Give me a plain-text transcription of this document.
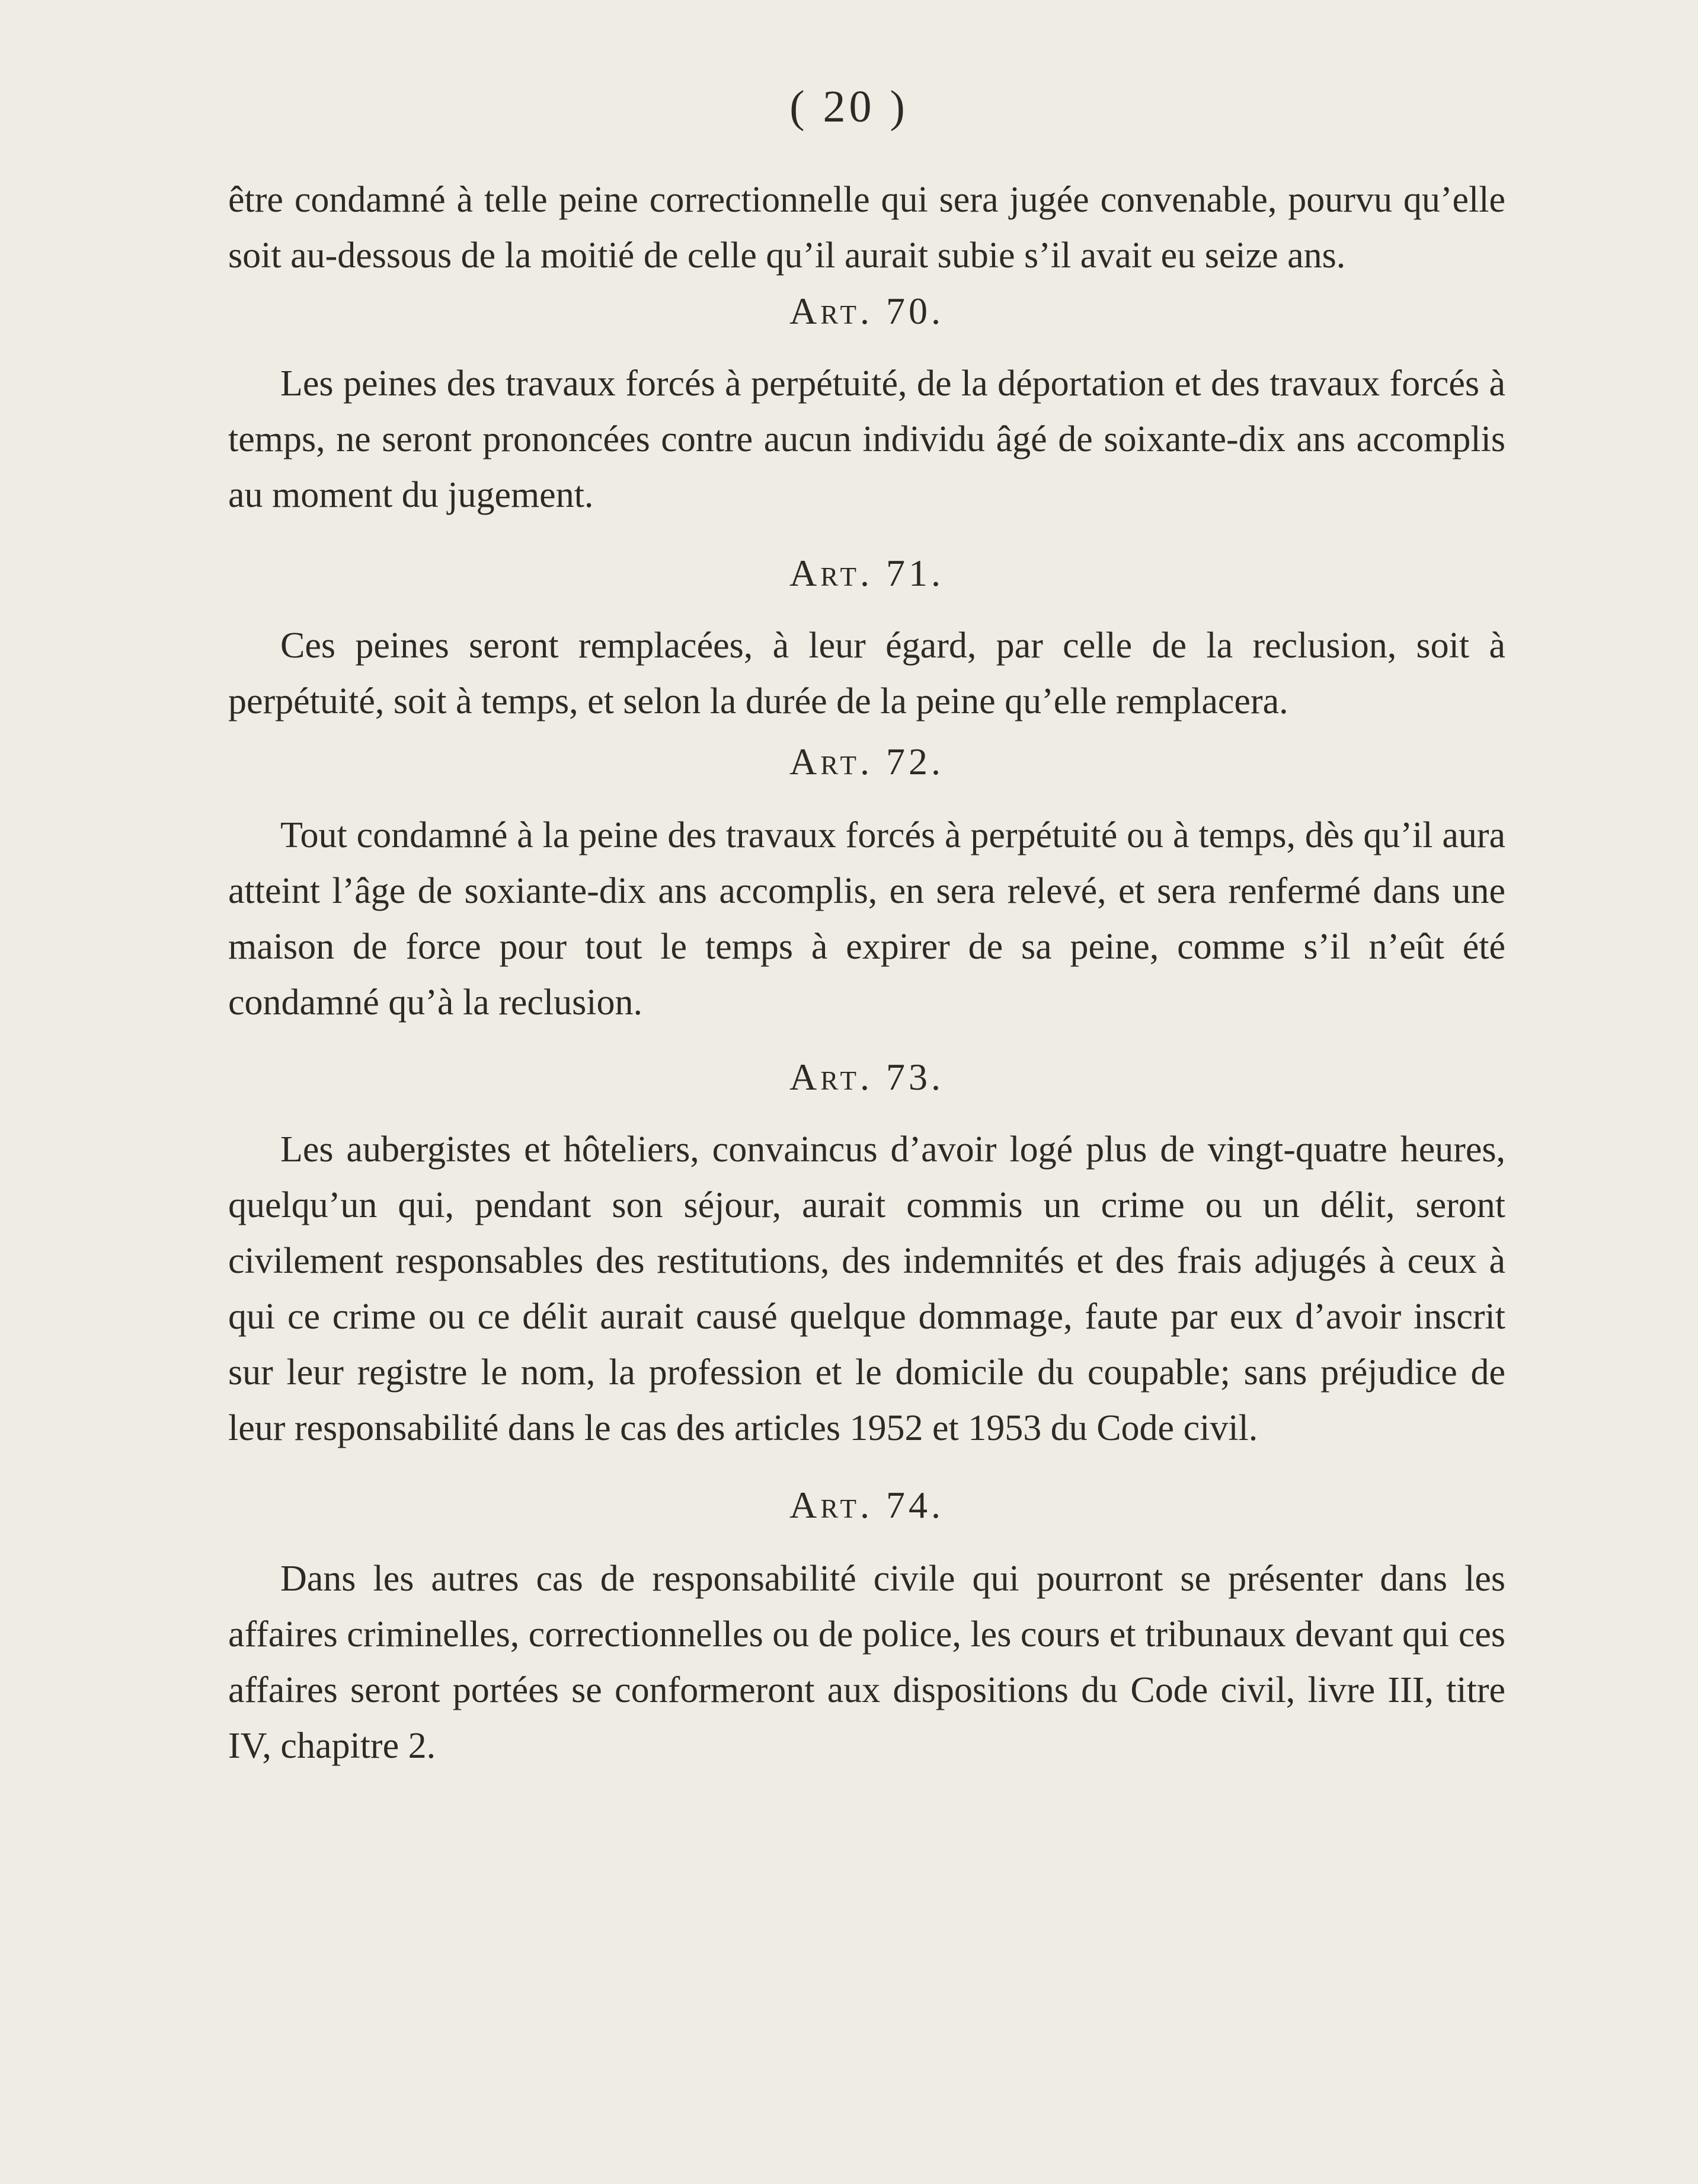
( 20 )

être condamné à telle peine correctionnelle qui sera jugée convenable, pourvu qu’elle soit au-dessous de la moitié de celle qu’il aurait subie s’il avait eu seize ans.

Art. 70.

Les peines des travaux forcés à perpétuité, de la déportation et des travaux forcés à temps, ne seront prononcées contre aucun individu âgé de soixante-dix ans accomplis au moment du jugement.

Art. 71.

Ces peines seront remplacées, à leur égard, par celle de la reclusion, soit à perpétuité, soit à temps, et selon la durée de la peine qu’elle remplacera.

Art. 72.

Tout condamné à la peine des travaux forcés à perpétuité ou à temps, dès qu’il aura atteint l’âge de soxiante-dix ans accomplis, en sera relevé, et sera renfermé dans une maison de force pour tout le temps à expirer de sa peine, comme s’il n’eût été condamné qu’à la reclusion.

Art. 73.

Les aubergistes et hôteliers, convaincus d’avoir logé plus de vingt-quatre heures, quelqu’un qui, pendant son séjour, aurait commis un crime ou un délit, seront civilement responsables des restitutions, des indemnités et des frais adjugés à ceux à qui ce crime ou ce délit aurait causé quelque dommage, faute par eux d’avoir inscrit sur leur registre le nom, la profession et le domicile du coupable; sans préjudice de leur responsabilité dans le cas des articles 1952 et 1953 du Code civil.

Art. 74.

Dans les autres cas de responsabilité civile qui pourront se présenter dans les affaires criminelles, correctionnelles ou de police, les cours et tribunaux devant qui ces affaires seront portées se conformeront aux dispositions du Code civil, livre III, titre IV, chapitre 2.
